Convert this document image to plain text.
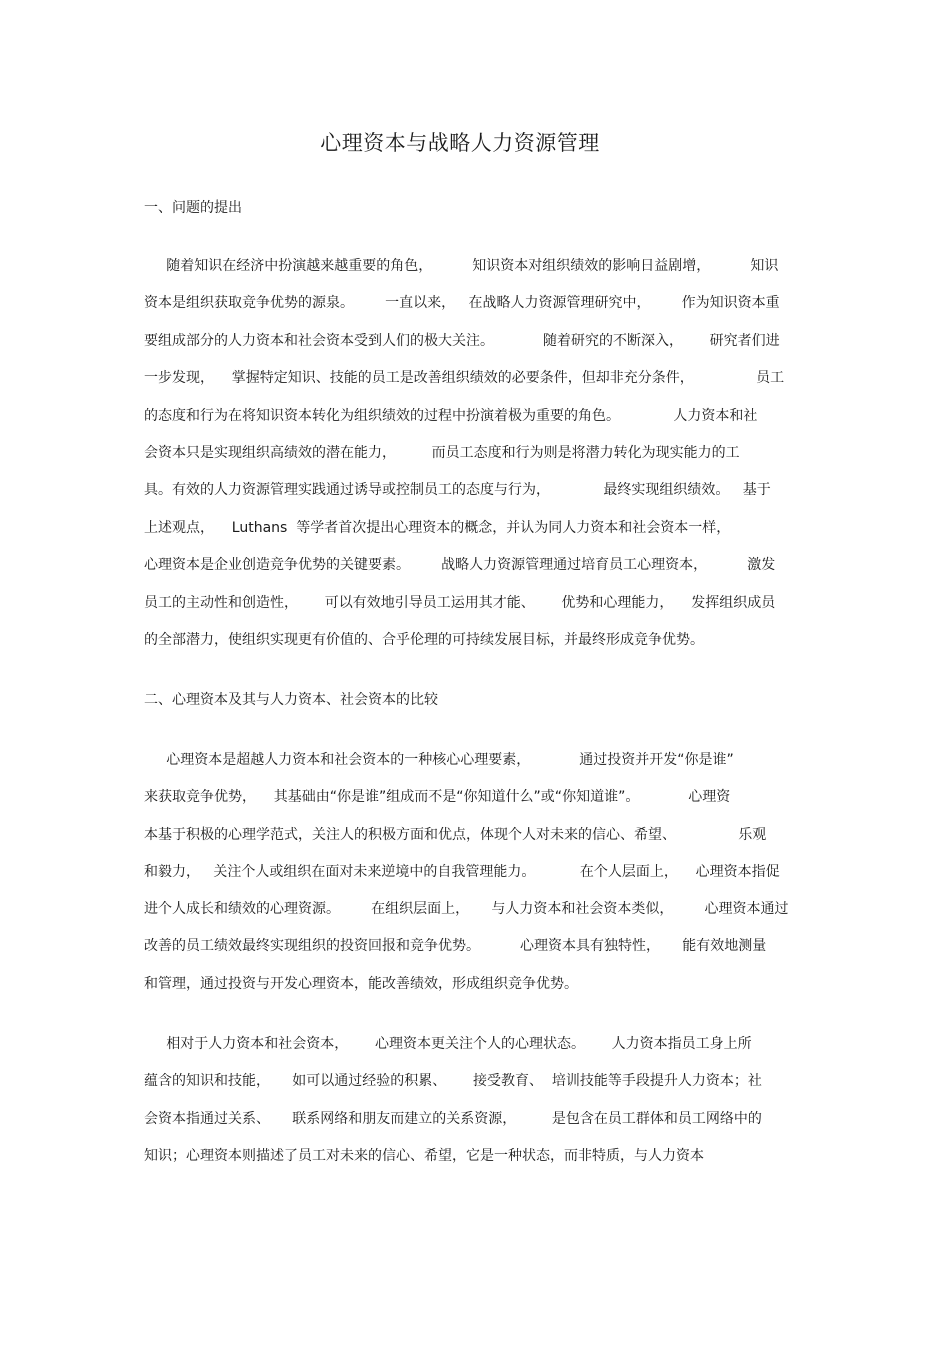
心理资本与战略人力资源管理
一、问题的提出
随着知识在经济中扮演越来越重要的角色，         知识资本对组织绩效的影响日益剧增，         知识
资本是组织获取竞争优势的源泉。       一直以来，   在战略人力资源管理研究中，       作为知识资本重
要组成部分的人力资本和社会资本受到人们的极大关注。           随着研究的不断深入，      研究者们进
一步发现，    掌握特定知识、技能的员工是改善组织绩效的必要条件，但却非充分条件，              员工
的态度和行为在将知识资本转化为组织绩效的过程中扮演着极为重要的角色。            人力资本和社
会资本只是实现组织高绩效的潜在能力，        而员工态度和行为则是将潜力转化为现实能力的工
具。有效的人力资源管理实践通过诱导或控制员工的态度与行为，            最终实现组织绩效。   基于
上述观点，    Luthans  等学者首次提出心理资本的概念，并认为同人力资本和社会资本一样，
心理资本是企业创造竞争优势的关键要素。       战略人力资源管理通过培育员工心理资本，         激发
员工的主动性和创造性，      可以有效地引导员工运用其才能、      优势和心理能力，    发挥组织成员
的全部潜力，使组织实现更有价值的、合乎伦理的可持续发展目标，并最终形成竞争优势。
二、心理资本及其与人力资本、社会资本的比较
心理资本是超越人力资本和社会资本的一种核心心理要素，           通过投资并开发“你是谁”
来获取竞争优势，    其基础由“你是谁”组成而不是“你知道什么”或“你知道谁”。           心理资
本基于积极的心理学范式，关注人的积极方面和优点，体现个人对未来的信心、希望、              乐观
和毅力，   关注个人或组织在面对未来逆境中的自我管理能力。          在个人层面上，    心理资本指促
进个人成长和绩效的心理资源。       在组织层面上，     与人力资本和社会资本类似，       心理资本通过
改善的员工绩效最终实现组织的投资回报和竞争优势。         心理资本具有独特性，     能有效地测量
和管理，通过投资与开发心理资本，能改善绩效，形成组织竞争优势。
相对于人力资本和社会资本，      心理资本更关注个人的心理状态。      人力资本指员工身上所
蕴含的知识和技能，     如可以通过经验的积累、      接受教育、  培训技能等手段提升人力资本；社
会资本指通过关系、     联系网络和朋友而建立的关系资源，        是包含在员工群体和员工网络中的
知识；心理资本则描述了员工对未来的信心、希望，它是一种状态，而非特质，与人力资本
